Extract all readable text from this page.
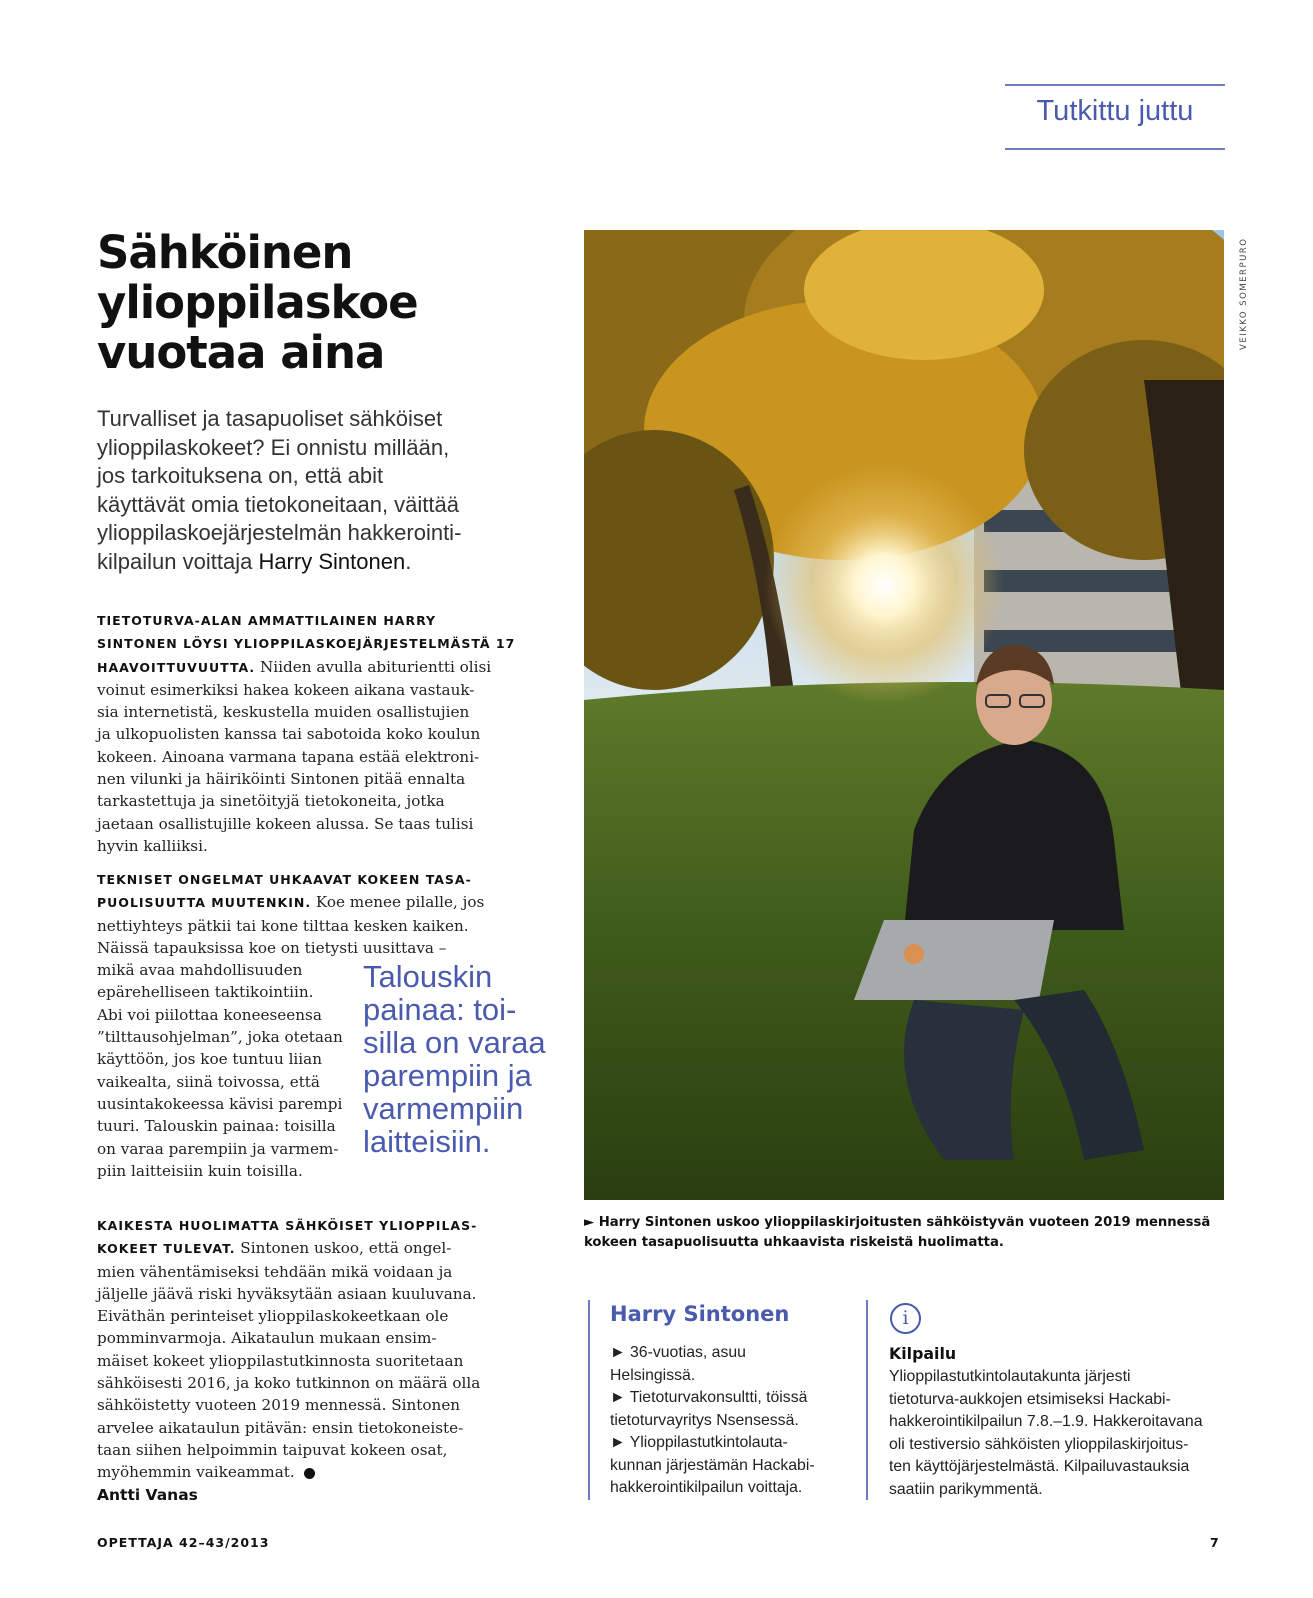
Tutkittu juttu
Sähköinen
ylioppilaskoe
vuotaa aina
Turvalliset ja tasapuoliset sähköiset
ylioppilaskokeet? Ei onnistu millään,
jos tarkoituksena on, että abit
käyttävät omia tietokoneitaan, väittää
ylioppilaskoejärjestelmän hakkerointi-
kilpailun voittaja Harry Sintonen.
TIETOTURVA-ALAN AMMATTILAINEN HARRY
SINTONEN LÖYSI YLIOPPILASKOEJÄRJESTELMÄSTÄ 17
HAAVOITTUVUUTTA. Niiden avulla abiturientti olisi
voinut esimerkiksi hakea kokeen aikana vastauk-
sia internetistä, keskustella muiden osallistujien
ja ulkopuolisten kanssa tai sabotoida koko koulun
kokeen. Ainoana varmana tapana estää elektroni-
nen vilunki ja häiriköinti Sintonen pitää ennalta
tarkastettuja ja sinetöityjä tietokoneita, jotka
jaetaan osallistujille kokeen alussa. Se taas tulisi
hyvin kalliiksi.
TEKNISET ONGELMAT UHKAAVAT KOKEEN TASA-
PUOLISUUTTA MUUTENKIN. Koe menee pilalle, jos
nettiyhteys pätkii tai kone tilttaa kesken kaiken.
Näissä tapauksissa koe on tietysti uusittava –
mikä avaa mahdollisuuden
epärehelliseen taktikointiin.
Abi voi piilottaa koneeseensa
”tilttausohjelman”, joka otetaan
käyttöön, jos koe tuntuu liian
vaikealta, siinä toivossa, että
uusintakokeessa kävisi parempi
tuuri. Talouskin painaa: toisilla
on varaa parempiin ja varmem-
piin laitteisiin kuin toisilla.
Talouskin
painaa: toi-
silla on varaa
parempiin ja
varmempiin
laitteisiin.
KAIKESTA HUOLIMATTA SÄHKÖISET YLIOPPILAS-
KOKEET TULEVAT. Sintonen uskoo, että ongel-
mien vähentämiseksi tehdään mikä voidaan ja
jäljelle jäävä riski hyväksytään asiaan kuuluvana.
Eiväthän perinteiset ylioppilaskokeetkaan ole
pomminvarmoja. Aikataulun mukaan ensim-
mäiset kokeet ylioppilastutkinnosta suoritetaan
sähköisesti 2016, ja koko tutkinnon on määrä olla
sähköistetty vuoteen 2019 mennessä. Sintonen
arvelee aikataulun pitävän: ensin tietokoneiste-
taan siihen helpoimmin taipuvat kokeen osat,
myöhemmin vaikeammat.
Antti Vanas
VEIKKO SOMERPURO
► Harry Sintonen uskoo ylioppilaskirjoitusten sähköistyvän vuoteen 2019 mennessä
kokeen tasapuolisuutta uhkaavista riskeistä huolimatta.
Harry Sintonen
► 36-vuotias, asuu
Helsingissä.
► Tietoturvakonsultti, töissä
tietoturvayritys Nsensessä.
► Ylioppilastutkintolauta-
kunnan järjestämän Hackabi-
hakkerointikilpailun voittaja.
i
Kilpailu
Ylioppilastutkintolautakunta järjesti
tietoturva-aukkojen etsimiseksi Hackabi-
hakkerointikilpailun 7.8.–1.9. Hakkeroitavana
oli testiversio sähköisten ylioppilaskirjoitus-
ten käyttöjärjestelmästä. Kilpailuvastauksia
saatiin parikymmentä.
OPETTAJA 42–43/2013	7
